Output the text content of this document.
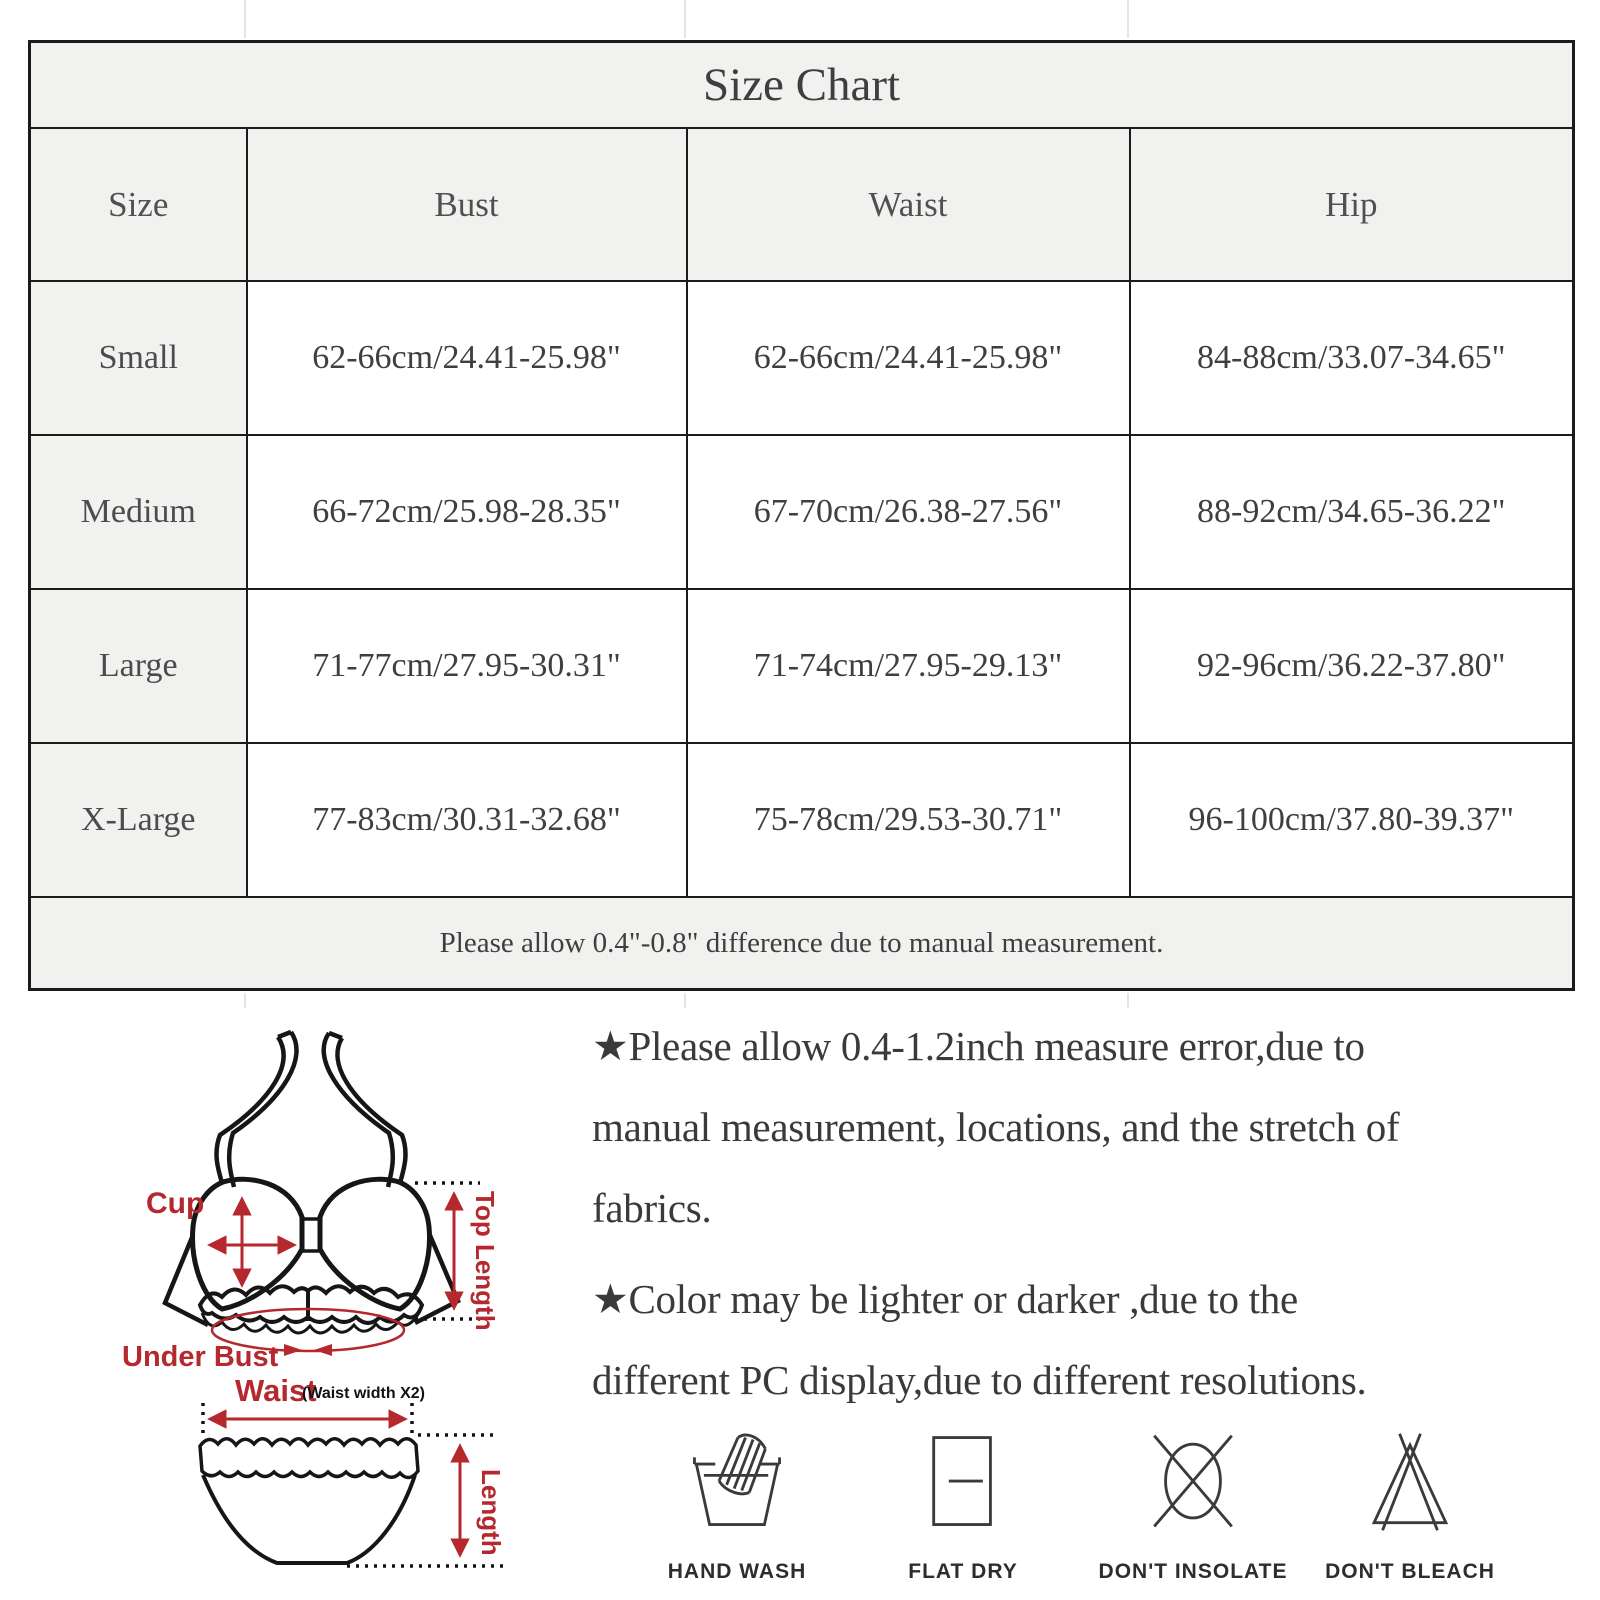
Size Chart			
Size	Bust	Waist	Hip
Small	62-66cm/24.41-25.98"	62-66cm/24.41-25.98"	84-88cm/33.07-34.65"
Medium	66-72cm/25.98-28.35"	67-70cm/26.38-27.56"	88-92cm/34.65-36.22"
Large	71-77cm/27.95-30.31"	71-74cm/27.95-29.13"	92-96cm/36.22-37.80"
X-Large	77-83cm/30.31-32.68"	75-78cm/29.53-30.71"	96-100cm/37.80-39.37"
Please allow 0.4"-0.8" difference due to manual measurement.			
Cup	Top Length
Under Bust
Waist
(Waist width X2)
Length
★Please allow 0.4-1.2inch measure error,due to
manual measurement, locations, and the stretch of
fabrics.
★Color may be lighter or darker ,due to the
different PC display,due to different resolutions.
HAND WASH	FLAT DRY	DON'T INSOLATE	DON'T BLEACH
